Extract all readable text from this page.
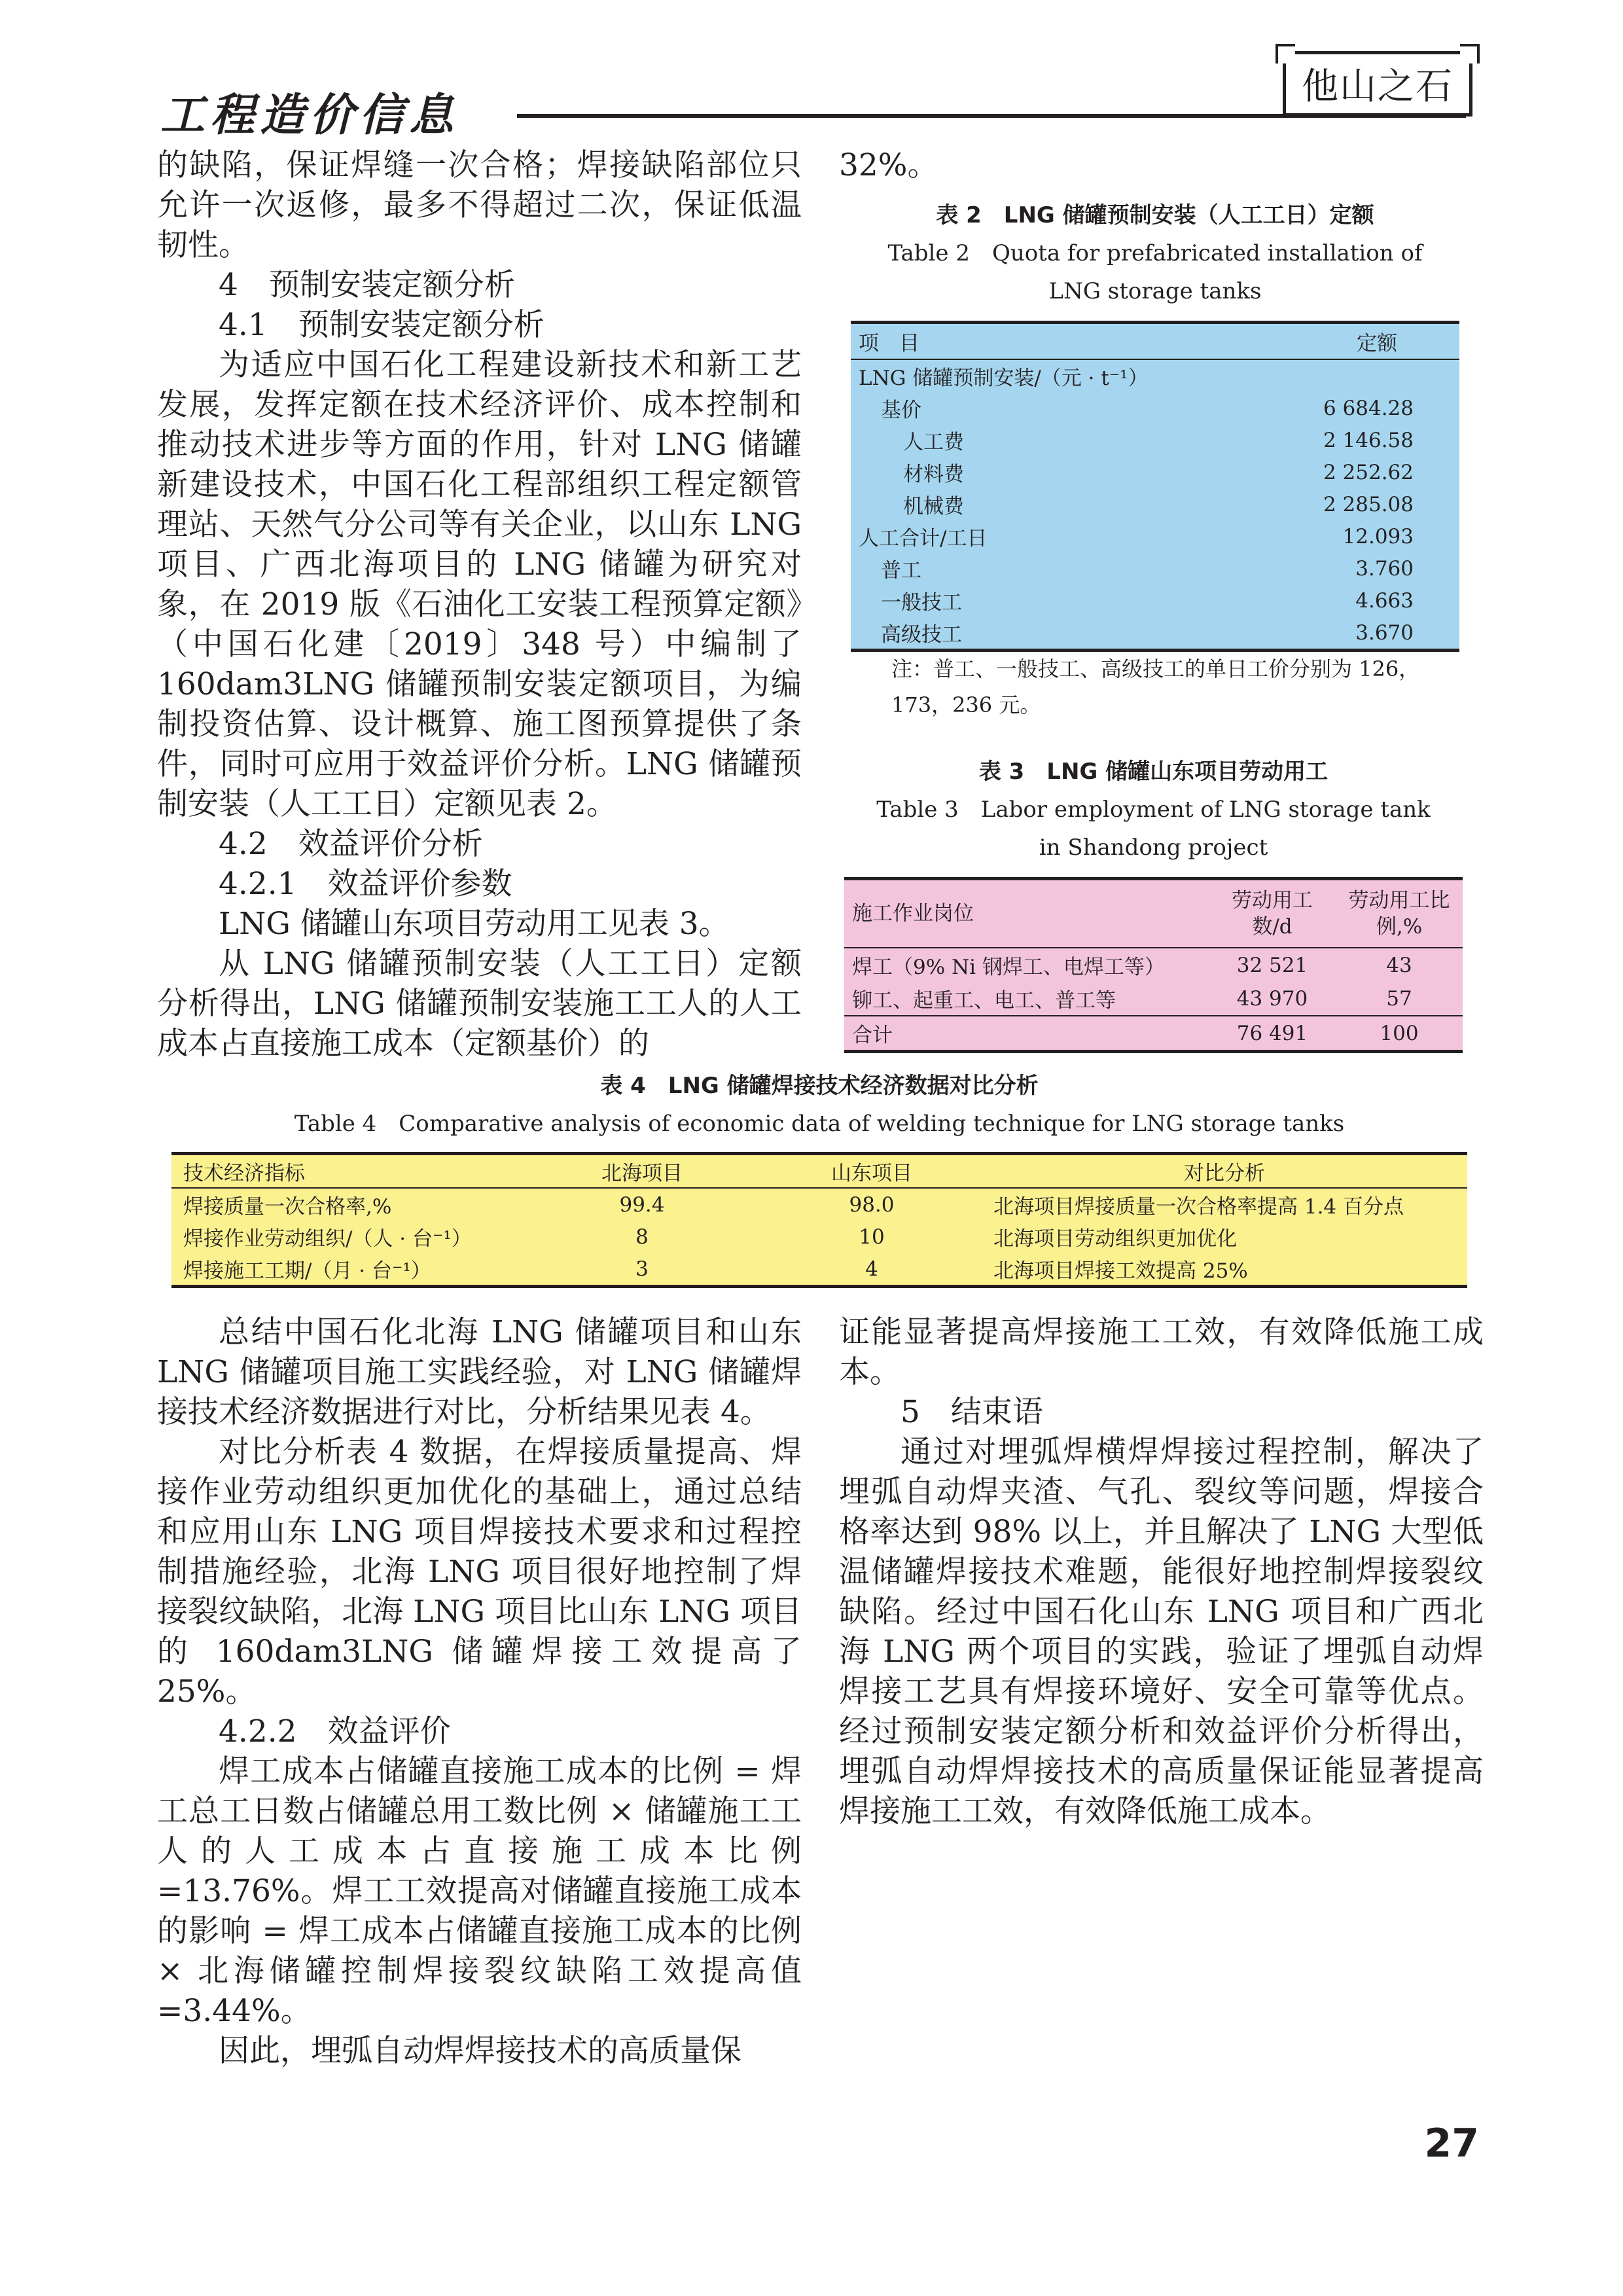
工程造价信息
他山之石

的缺陷，保证焊缝一次合格；焊接缺陷部位只允许一次返修，最多不得超过二次，保证低温韧性。

4　预制安装定额分析

4.1　预制安装定额分析

为适应中国石化工程建设新技术和新工艺发展，发挥定额在技术经济评价、成本控制和推动技术进步等方面的作用，针对 LNG 储罐新建设技术，中国石化工程部组织工程定额管理站、天然气分公司等有关企业，以山东 LNG 项目、广西北海项目的 LNG 储罐为研究对象，在 2019 版《石油化工安装工程预算定额》（中国石化建〔2019〕348 号）中编制了 160dam3LNG 储罐预制安装定额项目，为编制投资估算、设计概算、施工图预算提供了条件，同时可应用于效益评价分析。LNG 储罐预制安装（人工工日）定额见表 2。

4.2　效益评价分析

4.2.1　效益评价参数

LNG 储罐山东项目劳动用工见表 3。

从 LNG 储罐预制安装（人工工日）定额分析得出，LNG 储罐预制安装施工工人的人工成本占直接施工成本（定额基价）的

32%。

表 2　LNG 储罐预制安装（人工工日）定额
Table 2　Quota for prefabricated installation of
LNG storage tanks
项　目	定额
LNG 储罐预制安装/（元 · t⁻¹）	
基价	6 684.28
人工费	2 146.58
材料费	2 252.62
机械费	2 285.08
人工合计/工日	12.093
普工	3.760
一般技工	4.663
高级技工	3.670
注：普工、一般技工、高级技工的单日工价分别为 126，173，236 元。
表 3　LNG 储罐山东项目劳动用工
Table 3　Labor employment of LNG storage tank
in Shandong project
施工作业岗位	劳动用工数/d	劳动用工比例,%
焊工（9% Ni 钢焊工、电焊工等）	32 521	43
铆工、起重工、电工、普工等	43 970	57
合计	76 491	100
表 4　LNG 储罐焊接技术经济数据对比分析
Table 4　Comparative analysis of economic data of welding technique for LNG storage tanks
技术经济指标	北海项目	山东项目	对比分析
焊接质量一次合格率,%	99.4	98.0	北海项目焊接质量一次合格率提高 1.4 百分点
焊接作业劳动组织/（人 · 台⁻¹）	8	10	北海项目劳动组织更加优化
焊接施工工期/（月 · 台⁻¹）	3	4	北海项目焊接工效提高 25%

总结中国石化北海 LNG 储罐项目和山东 LNG 储罐项目施工实践经验，对 LNG 储罐焊接技术经济数据进行对比，分析结果见表 4。

对比分析表 4 数据，在焊接质量提高、焊接作业劳动组织更加优化的基础上，通过总结和应用山东 LNG 项目焊接技术要求和过程控制措施经验，北海 LNG 项目很好地控制了焊接裂纹缺陷，北海 LNG 项目比山东 LNG 项目的 160dam3LNG 储罐焊接工效提高了 25%。

4.2.2　效益评价

焊工成本占储罐直接施工成本的比例 = 焊工总工日数占储罐总用工数比例 × 储罐施工工人的人工成本占直接施工成本比例 =13.76%。焊工工效提高对储罐直接施工成本的影响 = 焊工成本占储罐直接施工成本的比例 × 北海储罐控制焊接裂纹缺陷工效提高值 =3.44%。

因此，埋弧自动焊焊接技术的高质量保

证能显著提高焊接施工工效，有效降低施工成本。

5　结束语

通过对埋弧焊横焊焊接过程控制，解决了埋弧自动焊夹渣、气孔、裂纹等问题，焊接合格率达到 98% 以上，并且解决了 LNG 大型低温储罐焊接技术难题，能很好地控制焊接裂纹缺陷。经过中国石化山东 LNG 项目和广西北海 LNG 两个项目的实践，验证了埋弧自动焊焊接工艺具有焊接环境好、安全可靠等优点。经过预制安装定额分析和效益评价分析得出，埋弧自动焊焊接技术的高质量保证能显著提高焊接施工工效，有效降低施工成本。

27
